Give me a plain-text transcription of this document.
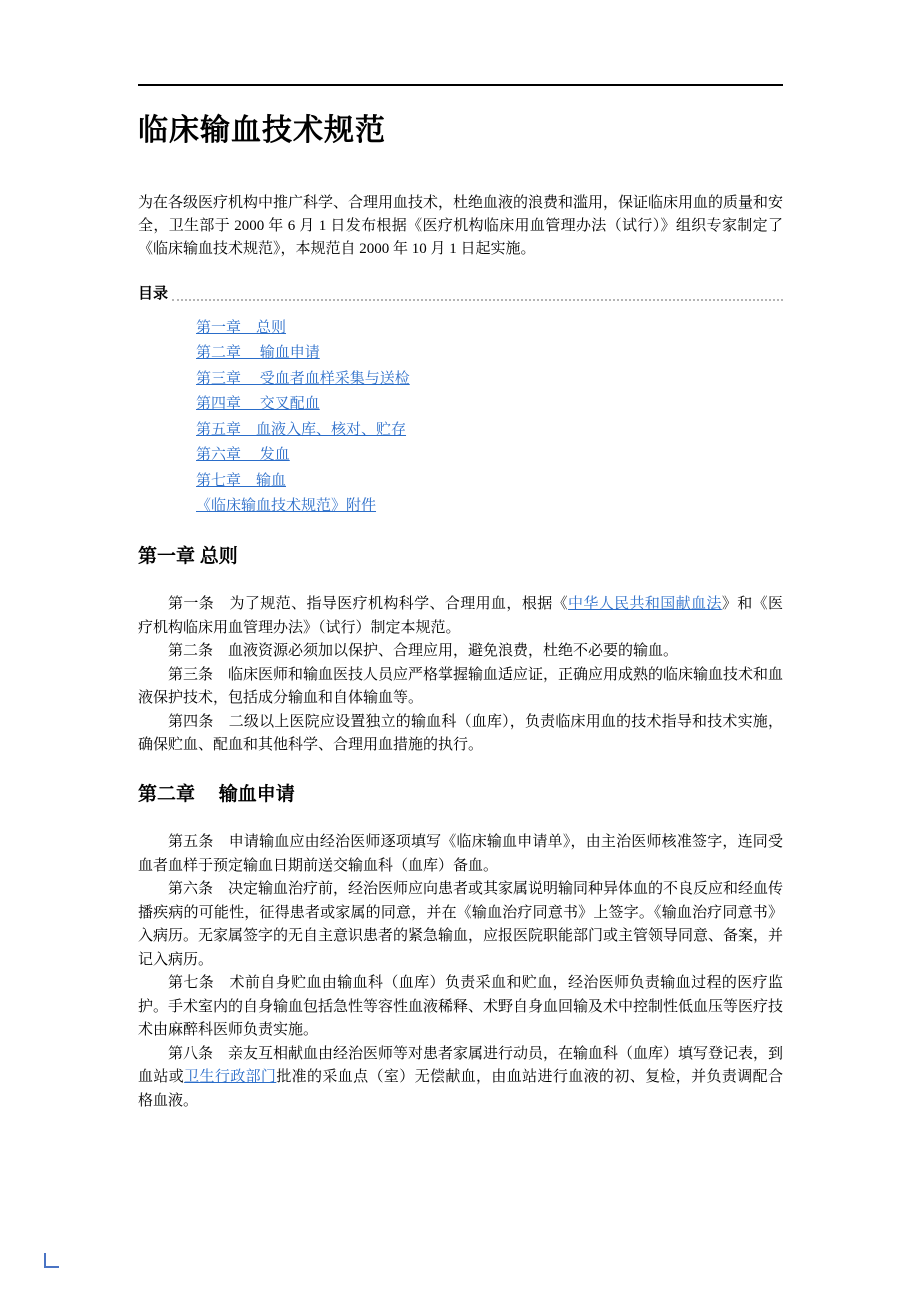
临床输血技术规范

为在各级医疗机构中推广科学、合理用血技术，杜绝血液的浪费和滥用，保证临床用血的质量和安全，卫生部于 2000 年 6 月 1 日发布根据《医疗机构临床用血管理办法（试行）》组织专家制定了《临床输血技术规范》，本规范自 2000 年 10 月 1 日起实施。

目录
第一章　总则
第二章　 输血申请
第三章　 受血者血样采集与送检
第四章　 交叉配血
第五章　血液入库、核对、贮存
第六章　 发血
第七章　输血
《临床输血技术规范》附件
第一章 总则

第一条　为了规范、指导医疗机构科学、合理用血，根据《中华人民共和国献血法》和《医疗机构临床用血管理办法》（试行）制定本规范。

第二条　血液资源必须加以保护、合理应用，避免浪费，杜绝不必要的输血。

第三条　临床医师和输血医技人员应严格掌握输血适应证，正确应用成熟的临床输血技术和血液保护技术，包括成分输血和自体输血等。

第四条　二级以上医院应设置独立的输血科（血库），负责临床用血的技术指导和技术实施，确保贮血、配血和其他科学、合理用血措施的执行。

第二章　 输血申请

第五条　申请输血应由经治医师逐项填写《临床输血申请单》，由主治医师核准签字，连同受血者血样于预定输血日期前送交输血科（血库）备血。

第六条　决定输血治疗前，经治医师应向患者或其家属说明输同种异体血的不良反应和经血传播疾病的可能性，征得患者或家属的同意，并在《输血治疗同意书》上签字。《输血治疗同意书》入病历。无家属签字的无自主意识患者的紧急输血，应报医院职能部门或主管领导同意、备案，并记入病历。

第七条　术前自身贮血由输血科（血库）负责采血和贮血，经治医师负责输血过程的医疗监护。手术室内的自身输血包括急性等容性血液稀释、术野自身血回输及术中控制性低血压等医疗技术由麻醉科医师负责实施。

第八条　亲友互相献血由经治医师等对患者家属进行动员，在输血科（血库）填写登记表，到血站或卫生行政部门批准的采血点（室）无偿献血，由血站进行血液的初、复检，并负责调配合格血液。
